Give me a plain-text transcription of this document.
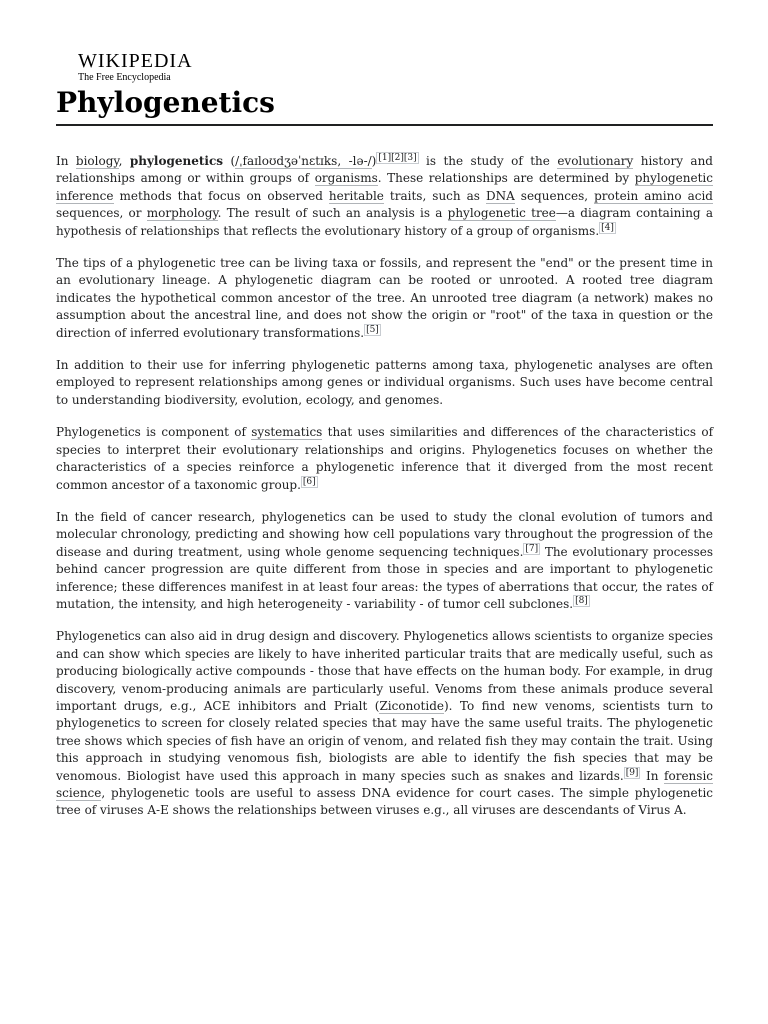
WIKIPEDIA
The Free Encyclopedia
Phylogenetics

In biology, phylogenetics (/ˌfaɪloʊdʒəˈnɛtɪks, -lə-/) [1][2][3] is the study of the evolutionary history and relationships among or within groups of organisms. These relationships are determined by phylogenetic inference methods that focus on observed heritable traits, such as DNA sequences, protein amino acid sequences, or morphology. The result of such an analysis is a phylogenetic tree—a diagram containing a hypothesis of relationships that reflects the evolutionary history of a group of organisms. [4]

The tips of a phylogenetic tree can be living taxa or fossils, and represent the "end" or the present time in an evolutionary lineage. A phylogenetic diagram can be rooted or unrooted. A rooted tree diagram indicates the hypothetical common ancestor of the tree. An unrooted tree diagram (a network) makes no assumption about the ancestral line, and does not show the origin or "root" of the taxa in question or the direction of inferred evolutionary transformations. [5]

In addition to their use for inferring phylogenetic patterns among taxa, phylogenetic analyses are often employed to represent relationships among genes or individual organisms. Such uses have become central to understanding biodiversity, evolution, ecology, and genomes.

Phylogenetics is component of systematics that uses similarities and differences of the characteristics of species to interpret their evolutionary relationships and origins. Phylogenetics focuses on whether the characteristics of a species reinforce a phylogenetic inference that it diverged from the most recent common ancestor of a taxonomic group. [6]

In the field of cancer research, phylogenetics can be used to study the clonal evolution of tumors and molecular chronology, predicting and showing how cell populations vary throughout the progression of the disease and during treatment, using whole genome sequencing techniques. [7] The evolutionary processes behind cancer progression are quite different from those in species and are important to phylogenetic inference; these differences manifest in at least four areas: the types of aberrations that occur, the rates of mutation, the intensity, and high heterogeneity - variability - of tumor cell subclones. [8]

Phylogenetics can also aid in drug design and discovery. Phylogenetics allows scientists to organize species and can show which species are likely to have inherited particular traits that are medically useful, such as producing biologically active compounds - those that have effects on the human body. For example, in drug discovery, venom-producing animals are particularly useful. Venoms from these animals produce several important drugs, e.g., ACE inhibitors and Prialt (Ziconotide). To find new venoms, scientists turn to phylogenetics to screen for closely related species that may have the same useful traits. The phylogenetic tree shows which species of fish have an origin of venom, and related fish they may contain the trait. Using this approach in studying venomous fish, biologists are able to identify the fish species that may be venomous. Biologist have used this approach in many species such as snakes and lizards. [9] In forensic science, phylogenetic tools are useful to assess DNA evidence for court cases. The simple phylogenetic tree of viruses A-E shows the relationships between viruses e.g., all viruses are descendants of Virus A.
